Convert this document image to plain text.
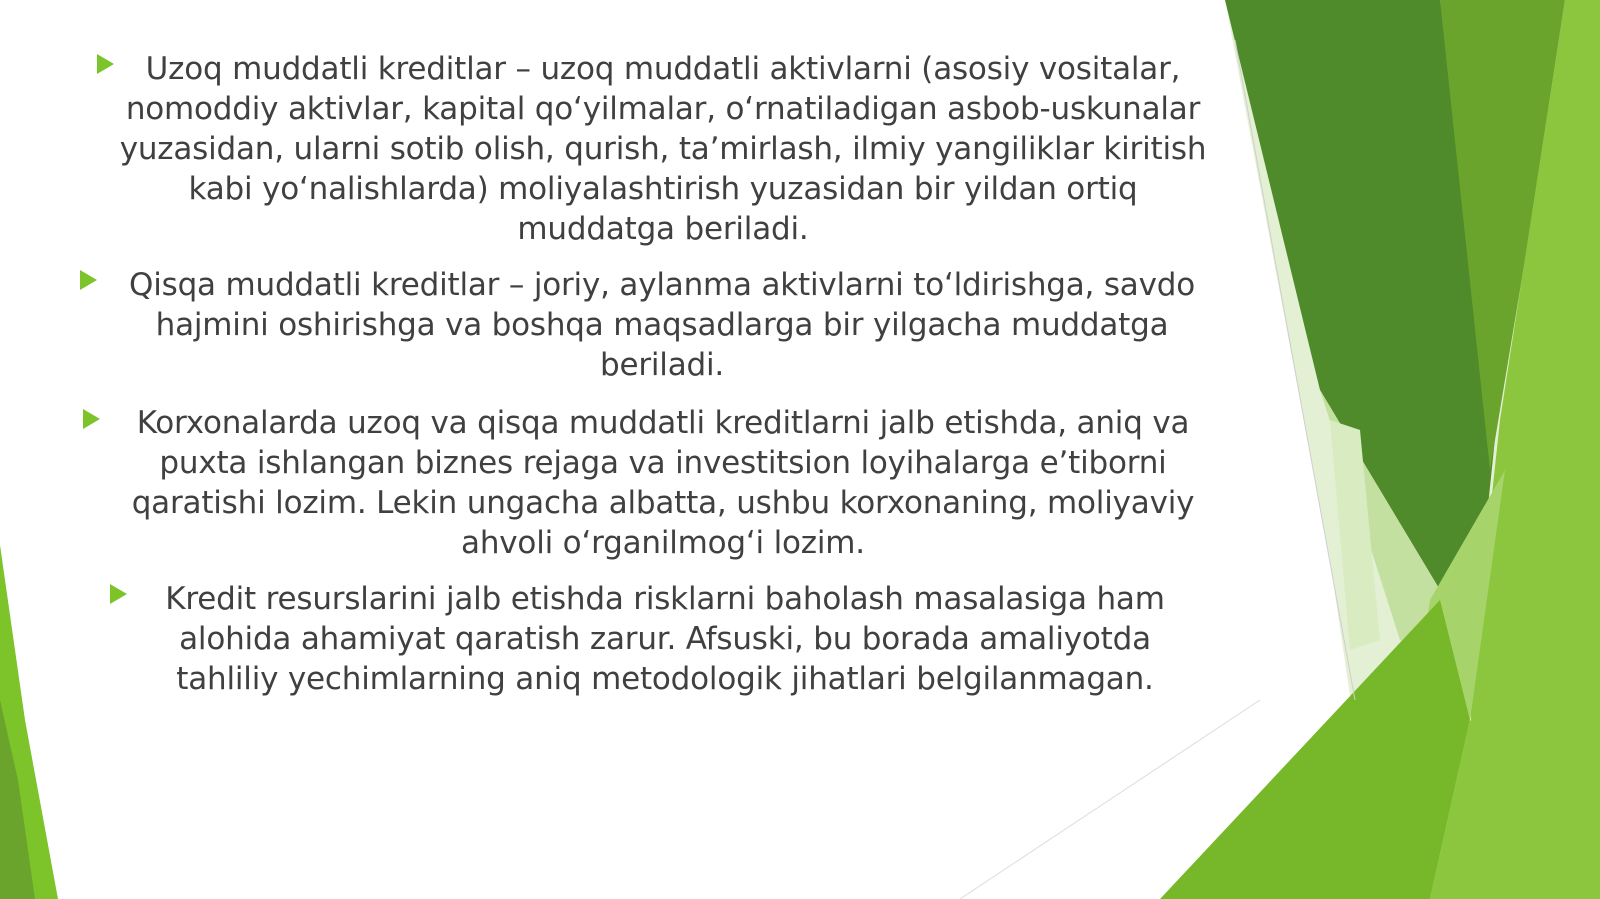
Uzoq muddatli kreditlar – uzoq muddatli aktivlarni (asosiy vositalar, nomoddiy aktivlar, kapital qo‘yilmalar, o‘rnatiladigan asbob-uskunalar yuzasidan, ularni sotib olish, qurish, ta’mirlash, ilmiy yangiliklar kiritish kabi yo‘nalishlarda) moliyalashtirish yuzasidan bir yildan ortiq muddatga beriladi.
Qisqa muddatli kreditlar – joriy, aylanma aktivlarni to‘ldirishga, savdo hajmini oshirishga va boshqa maqsadlarga bir yilgacha muddatga beriladi.
Korxonalarda uzoq va qisqa muddatli kreditlarni jalb etishda, aniq va puxta ishlangan biznes rejaga va investitsion loyihalarga e’tiborni qaratishi lozim. Lekin ungacha albatta, ushbu korxonaning, moliyaviy ahvoli o‘rganilmog‘i lozim.
Kredit resurslarini jalb etishda risklarni baholash masalasiga ham alohida ahamiyat qaratish zarur. Afsuski, bu borada amaliyotda tahliliy yechimlarning aniq metodologik jihatlari belgilanmagan.
